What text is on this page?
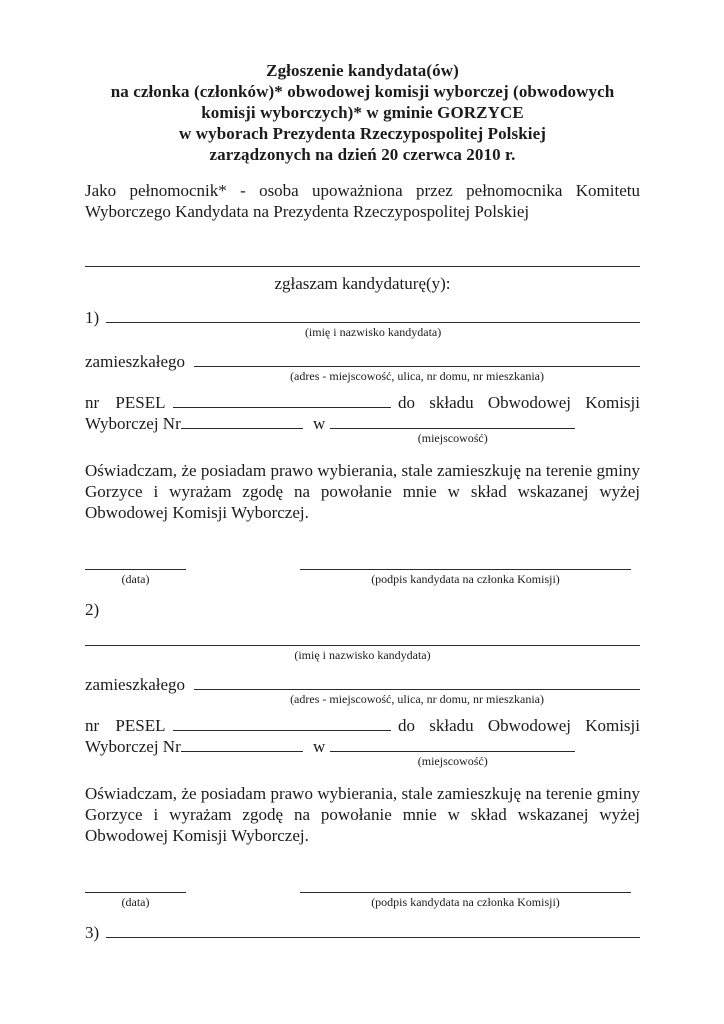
Zgłoszenie kandydata(ów)
na członka (członków)* obwodowej komisji wyborczej (obwodowych
komisji wyborczych)* w gminie GORZYCE
w wyborach Prezydenta Rzeczypospolitej Polskiej
zarządzonych na dzień 20 czerwca 2010 r.

Jako pełnomocnik* - osoba upoważniona przez pełnomocnika Komitetu Wyborczego Kandydata na Prezydenta Rzeczypospolitej Polskiej

zgłaszam kandydaturę(y):
1)
(imię i nazwisko kandydata)
zamieszkałego
(adres - miejscowość, ulica, nr domu, nr mieszkania)
nr PESEL	do składu Obwodowej Komisji
Wyborczej Nr	w
(miejscowość)

Oświadczam, że posiadam prawo wybierania, stale zamieszkuję na terenie gminy Gorzyce i wyrażam zgodę na powołanie mnie w skład wskazanej wyżej Obwodowej Komisji Wyborczej.

(data)	(podpis kandydata na członka Komisji)
2)
(imię i nazwisko kandydata)
zamieszkałego
(adres - miejscowość, ulica, nr domu, nr mieszkania)
nr PESEL	do składu Obwodowej Komisji
Wyborczej Nr	w
(miejscowość)

Oświadczam, że posiadam prawo wybierania, stale zamieszkuję na terenie gminy Gorzyce i wyrażam zgodę na powołanie mnie w skład wskazanej wyżej Obwodowej Komisji Wyborczej.

(data)	(podpis kandydata na członka Komisji)
3)
